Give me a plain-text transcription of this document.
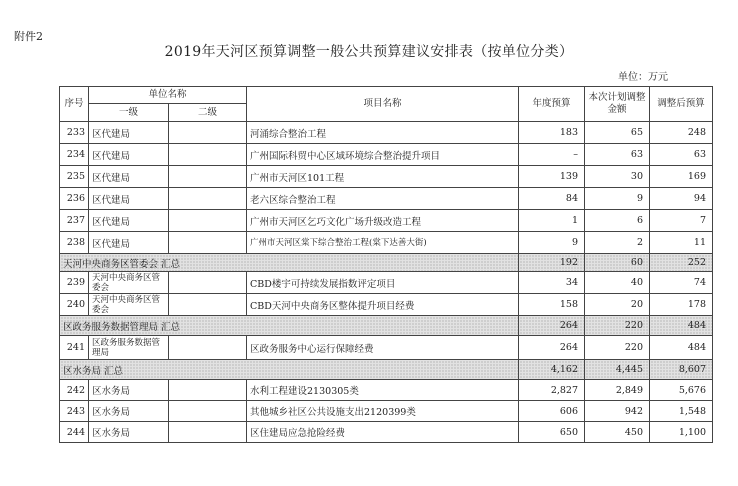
附件2
2019年天河区预算调整一般公共预算建议安排表（按单位分类）
单位：万元
序号	单位名称		项目名称	年度预算	本次计划调整金额	调整后预算
	一级	二级				
233	区代建局		河涌综合整治工程	183	65	248
234	区代建局		广州国际科贸中心区域环境综合整治提升项目	–	63	63
235	区代建局		广州市天河区101工程	139	30	169
236	区代建局		老六区综合整治工程	84	9	94
237	区代建局		广州市天河区乞巧文化广场升级改造工程	1	6	7
238	区代建局		广州市天河区棠下综合整治工程(棠下达善大街)	9	2	11
天河中央商务区管委会 汇总				192	60	252
239	天河中央商务区管委会		CBD楼宇可持续发展指数评定项目	34	40	74
240	天河中央商务区管委会		CBD天河中央商务区整体提升项目经费	158	20	178
区政务服务数据管理局 汇总				264	220	484
241	区政务服务数据管理局		区政务服务中心运行保障经费	264	220	484
区水务局 汇总				4,162	4,445	8,607
242	区水务局		水利工程建设2130305类	2,827	2,849	5,676
243	区水务局		其他城乡社区公共设施支出2120399类	606	942	1,548
244	区水务局		区住建局应急抢险经费	650	450	1,100
